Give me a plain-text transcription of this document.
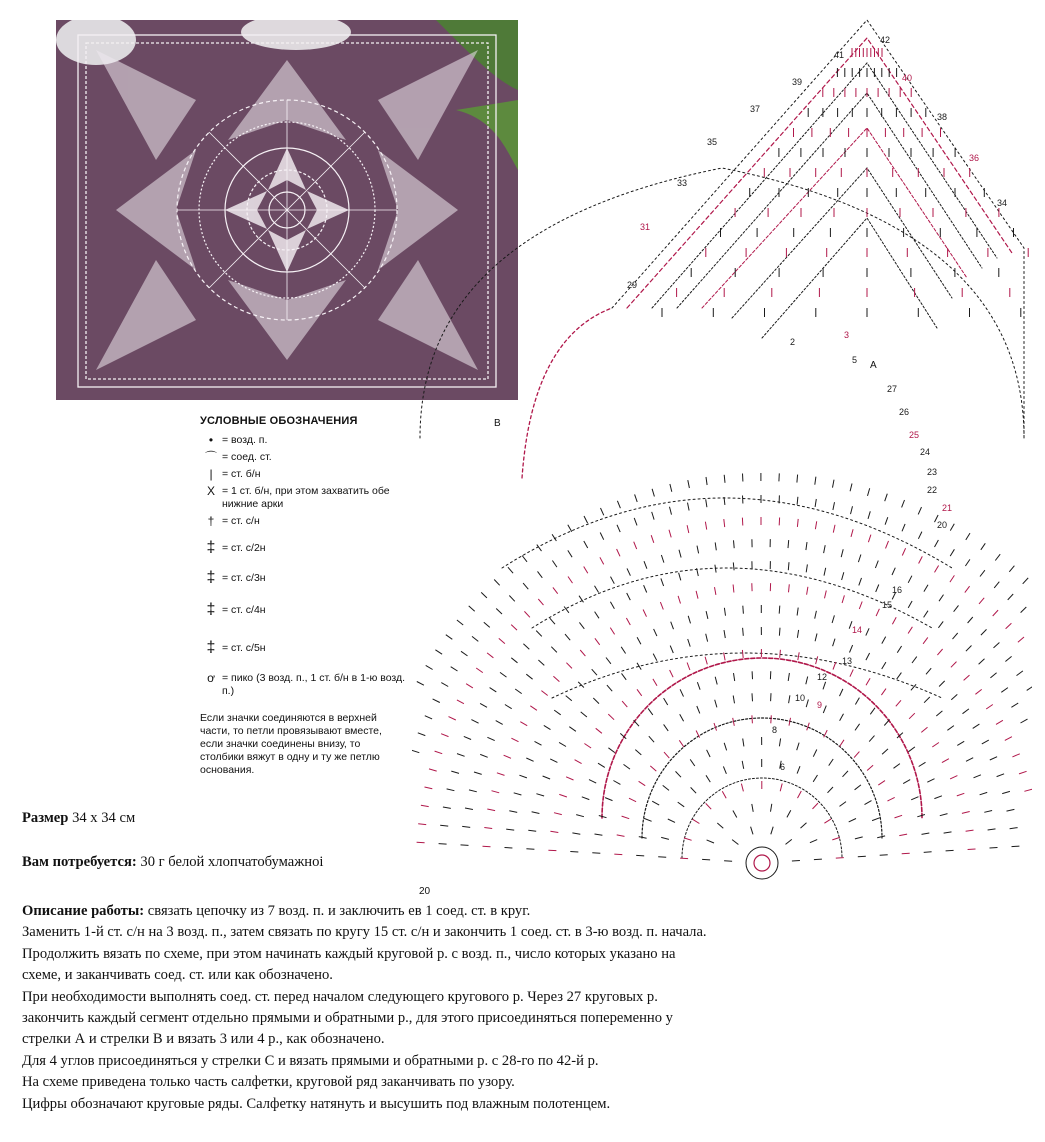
УСЛОВНЫЕ ОБОЗНАЧЕНИЯ
• = возд. п.
⌒ = соед. ст.
| = ст. б/н
X = 1 ст. б/н, при этом захватить обе нижние арки
† = ст. с/н
‡ = ст. с/2н
‡ = ст. с/3н
‡ = ст. с/4н
‡ = ст. с/5н
ơ = пико (3 возд. п., 1 ст. б/н в 1-ю возд. п.)
Если значки соединяются в верхней части, то петли провязывают вместе, если значки соединены внизу, то столбики вяжут в одну и ту же петлю основания.
2
3
5
6
8
9
10
12
13
14
15
16
20
21
22
23
24
25
26
27
29
31
33
34
35
36
37
38
39	40
41
42
А
В
Размер 34 х 34 см
Вам потребуется: 30 г белой хлопчатобумажноі
20
Описание работы: связать цепочку из 7 возд. п. и заключить ев 1 соед. ст. в круг.
Заменить 1-й ст. с/н на 3 возд. п., затем связать по кругу 15 ст. с/н и закончить 1 соед. ст. в 3-ю возд. п. начала.
Продолжить вязать по схеме, при этом начинать каждый круговой р. с возд. п., число которых указано на
схеме, и заканчивать соед. ст. или как обозначено.
При необходимости выполнять соед. ст. перед началом следующего кругового р. Через 27 круговых р.
закончить каждый сегмент отдельно прямыми и обратными р., для этого присоединяться попеременно у
стрелки А и стрелки В и вязать 3 или 4 р., как обозначено.
Для 4 углов присоединяться у стрелки С и вязать прямыми и обратными р. с 28-го по 42-й р.
На схеме приведена только часть салфетки, круговой ряд заканчивать по узору.
Цифры обозначают круговые ряды. Салфетку натянуть и высушить под влажным полотенцем.
